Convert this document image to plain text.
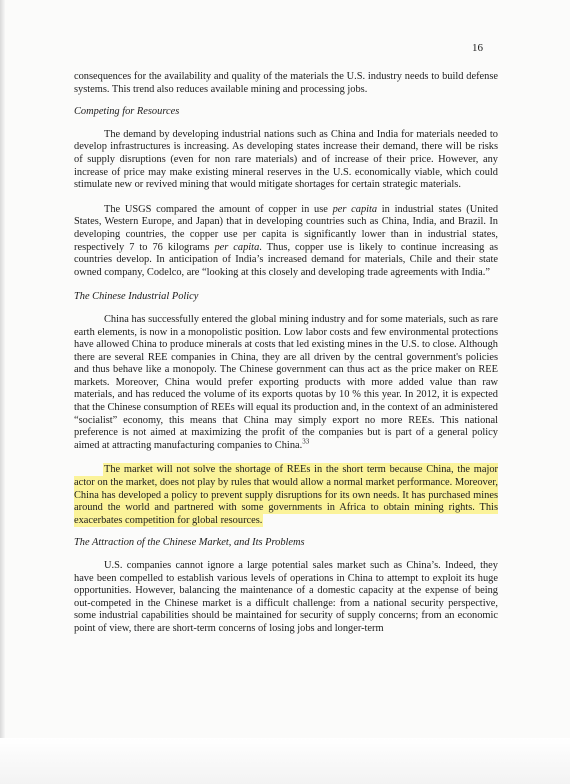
16

consequences for the availability and quality of the materials the U.S. industry needs to build defense systems. This trend also reduces available mining and processing jobs.

Competing for Resources

The demand by developing industrial nations such as China and India for materials needed to develop infrastructures is increasing. As developing states increase their demand, there will be risks of supply disruptions (even for non rare materials) and of increase of their price. However, any increase of price may make existing mineral reserves in the U.S. economically viable, which could stimulate new or revived mining that would mitigate shortages for certain strategic materials.

The USGS compared the amount of copper in use per capita in industrial states (United States, Western Europe, and Japan) that in developing countries such as China, India, and Brazil. In developing countries, the copper use per capita is significantly lower than in industrial states, respectively 7 to 76 kilograms per capita. Thus, copper use is likely to continue increasing as countries develop. In anticipation of India’s increased demand for materials, Chile and their state owned company, Codelco, are “looking at this closely and developing trade agreements with India.”

The Chinese Industrial Policy

China has successfully entered the global mining industry and for some materials, such as rare earth elements, is now in a monopolistic position. Low labor costs and few environmental protections have allowed China to produce minerals at costs that led existing mines in the U.S. to close. Although there are several REE companies in China, they are all driven by the central government's policies and thus behave like a monopoly. The Chinese government can thus act as the price maker on REE markets. Moreover, China would prefer exporting products with more added value than raw materials, and has reduced the volume of its exports quotas by 10 % this year. In 2012, it is expected that the Chinese consumption of REEs will equal its production and, in the context of an administered “socialist” economy, this means that China may simply export no more REEs. This national preference is not aimed at maximizing the profit of the companies but is part of a general policy aimed at attracting manufacturing companies to China.$^{33}$

The market will not solve the shortage of REEs in the short term because China, the major actor on the market, does not play by rules that would allow a normal market performance. Moreover, China has developed a policy to prevent supply disruptions for its own needs. It has purchased mines around the world and partnered with some governments in Africa to obtain mining rights. This exacerbates competition for global resources.

The Attraction of the Chinese Market, and Its Problems

U.S. companies cannot ignore a large potential sales market such as China’s. Indeed, they have been compelled to establish various levels of operations in China to attempt to exploit its huge opportunities. However, balancing the maintenance of a domestic capacity at the expense of being out-competed in the Chinese market is a difficult challenge: from a national security perspective, some industrial capabilities should be maintained for security of supply concerns; from an economic point of view, there are short-term concerns of losing jobs and longer-term
